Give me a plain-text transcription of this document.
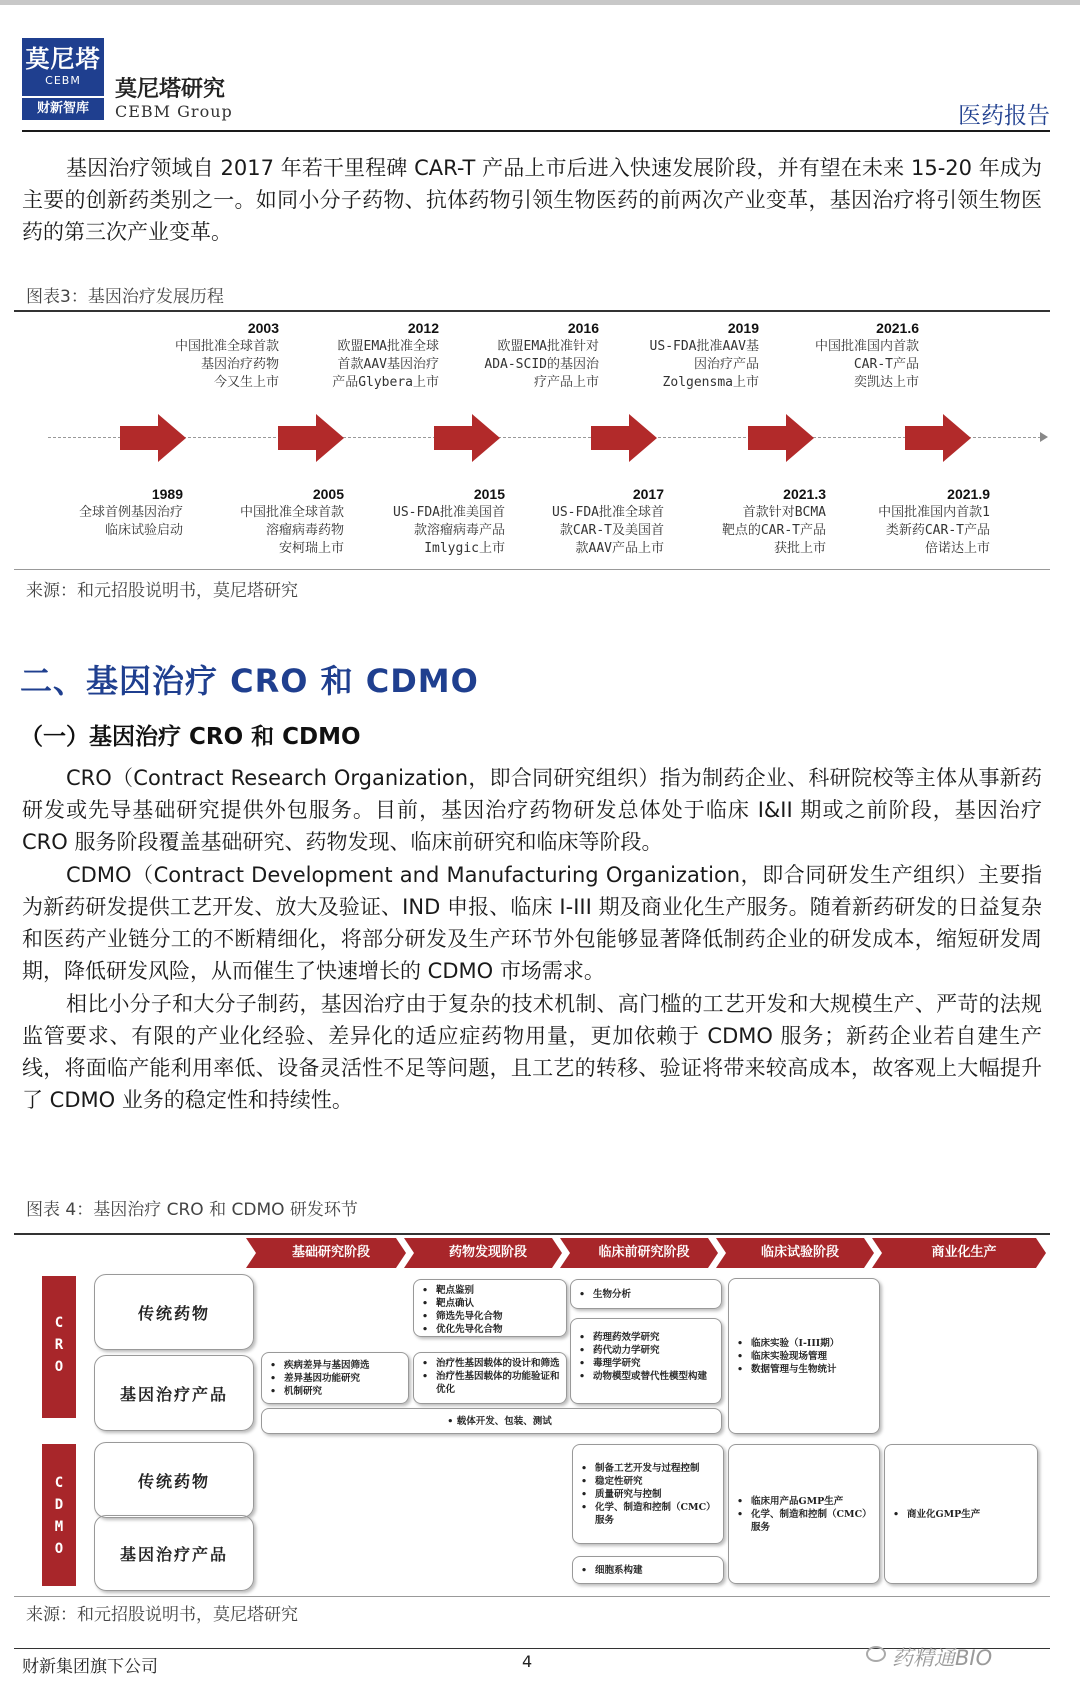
莫尼塔
CEBM
财新智库
莫尼塔研究
CEBM Group	医药报告

基因治疗领域自 2017 年若干里程碑 CAR-T 产品上市后进入快速发展阶段，并有望在未来 15-20 年成为主要的创新药类别之一。如同小分子药物、抗体药物引领生物医药的前两次产业变革，基因治疗将引领生物医药的第三次产业变革。

图表3：基因治疗发展历程
2003
中国批准全球首款
基因治疗药物
今又生上市
2012
欧盟EMA批准全球
首款AAV基因治疗
产品Glybera上市
2016
欧盟EMA批准针对
ADA-SCID的基因治
疗产品上市
2019
US-FDA批准AAV基
因治疗产品
Zolgensma上市
2021.6
中国批准国内首款
CAR-T产品
奕凯达上市
1989
全球首例基因治疗
临床试验启动
2005
中国批准全球首款
溶瘤病毒药物
安柯瑞上市
2015
US-FDA批准美国首
款溶瘤病毒产品
Imlygic上市
2017
US-FDA批准全球首
款CAR-T及美国首
款AAV产品上市
2021.3
首款针对BCMA
靶点的CAR-T产品
获批上市
2021.9
中国批准国内首款1
类新药CAR-T产品
倍诺达上市
来源：和元招股说明书，莫尼塔研究
二、基因治疗 CRO 和 CDMO
（一）基因治疗 CRO 和 CDMO

CRO（Contract Research Organization，即合同研究组织）指为制药企业、科研院校等主体从事新药研发或先导基础研究提供外包服务。目前，基因治疗药物研发总体处于临床 I&II 期或之前阶段，基因治疗 CRO 服务阶段覆盖基础研究、药物发现、临床前研究和临床等阶段。

CDMO（Contract Development and Manufacturing Organization，即合同研发生产组织）主要指为新药研发提供工艺开发、放大及验证、IND 申报、临床 I-III 期及商业化生产服务。随着新药研发的日益复杂和医药产业链分工的不断精细化，将部分研发及生产环节外包能够显著降低制药企业的研发成本，缩短研发周期，降低研发风险，从而催生了快速增长的 CDMO 市场需求。

相比小分子和大分子制药，基因治疗由于复杂的技术机制、高门槛的工艺开发和大规模生产、严苛的法规监管要求、有限的产业化经验、差异化的适应症药物用量，更加依赖于 CDMO 服务；新药企业若自建生产线，将面临产能利用率低、设备灵活性不足等问题，且工艺的转移、验证将带来较高成本，故客观上大幅提升了 CDMO 业务的稳定性和持续性。

图表 4：基因治疗 CRO 和 CDMO 研发环节
基础研究阶段	药物发现阶段	临床前研究阶段	临床试验阶段	商业化生产
C
R
O
传统药物
基因治疗产品
• 疾病差异与基因筛选
• 差异基因功能研究
• 机制研究
• 靶点鉴别
• 靶点确认
• 筛选先导化合物
• 优化先导化合物
• 治疗性基因载体的设计和筛选
• 治疗性基因载体的功能验证和优化
• 生物分析
• 药理药效学研究
• 药代动力学研究
• 毒理学研究
• 动物模型或替代性模型构建
• 临床实验（I-III期）
• 临床实验现场管理
• 数据管理与生物统计
• 载体开发、包装、测试
C
D
M
O
传统药物
基因治疗产品
• 制备工艺开发与过程控制
• 稳定性研究
• 质量研究与控制
• 化学、制造和控制（CMC）服务
• 细胞系构建
• 临床用产品GMP生产
• 化学、制造和控制（CMC）服务
• 商业化GMP生产
来源：和元招股说明书，莫尼塔研究
财新集团旗下公司	4	药精通BIO
